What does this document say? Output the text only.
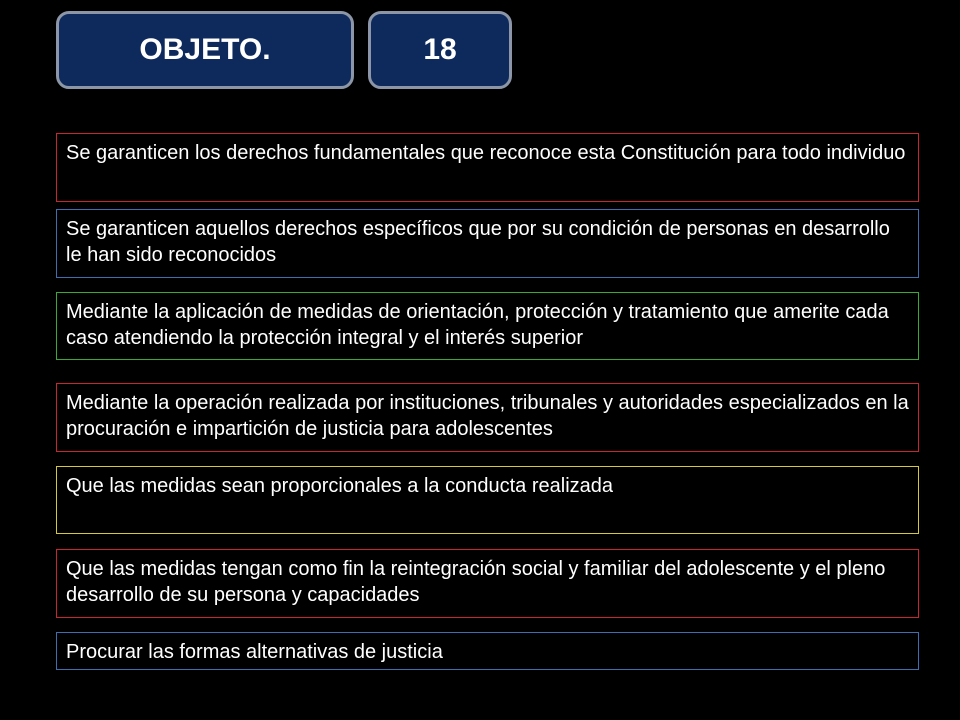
OBJETO.	18
Se garanticen los derechos fundamentales que reconoce esta Constitución para todo individuo
Se garanticen aquellos derechos específicos que por su condición de personas en desarrollo le han sido reconocidos
Mediante la aplicación de medidas de orientación, protección y tratamiento que amerite cada caso atendiendo la protección integral y el interés superior
Mediante la operación realizada por instituciones, tribunales y autoridades especializados en la procuración e impartición de justicia para adolescentes
Que las medidas sean proporcionales a la conducta realizada
Que las medidas tengan como fin la reintegración social y familiar del adolescente y el pleno desarrollo de su persona y capacidades
Procurar las formas alternativas de justicia
